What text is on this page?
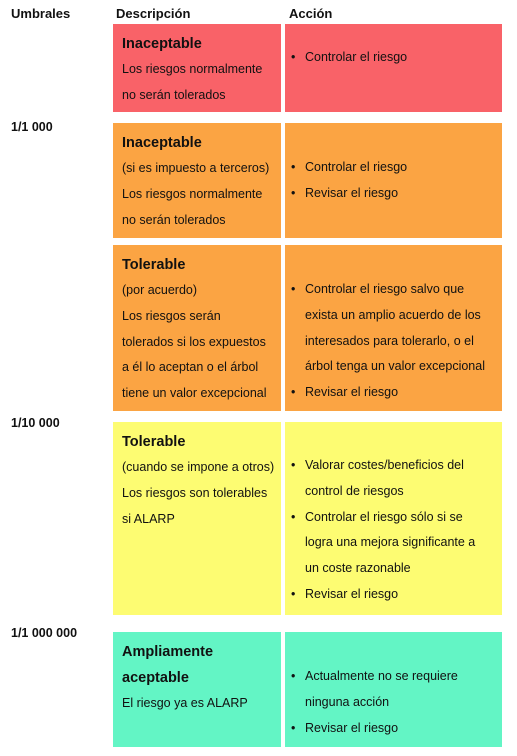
Umbrales	Descripción	Acción
1/1 000
1/10 000
1/1 000 000
Inaceptable
Los riesgos normalmente
no serán tolerados
• Controlar el riesgo
Inaceptable
(si es impuesto a terceros)
Los riesgos normalmente
no serán tolerados
• Controlar el riesgo
• Revisar el riesgo
Tolerable
(por acuerdo)
Los riesgos serán
tolerados si los expuestos
a él lo aceptan o el árbol
tiene un valor excepcional
• Controlar el riesgo salvo que
exista un amplio acuerdo de los
interesados para tolerarlo, o el
árbol tenga un valor excepcional
• Revisar el riesgo
Tolerable
(cuando se impone a otros)
Los riesgos son tolerables
si ALARP
• Valorar costes/beneficios del
control de riesgos
• Controlar el riesgo sólo si se
logra una mejora significante a
un coste razonable
• Revisar el riesgo
Ampliamente
aceptable
El riesgo ya es ALARP
• Actualmente no se requiere
ninguna acción
• Revisar el riesgo
